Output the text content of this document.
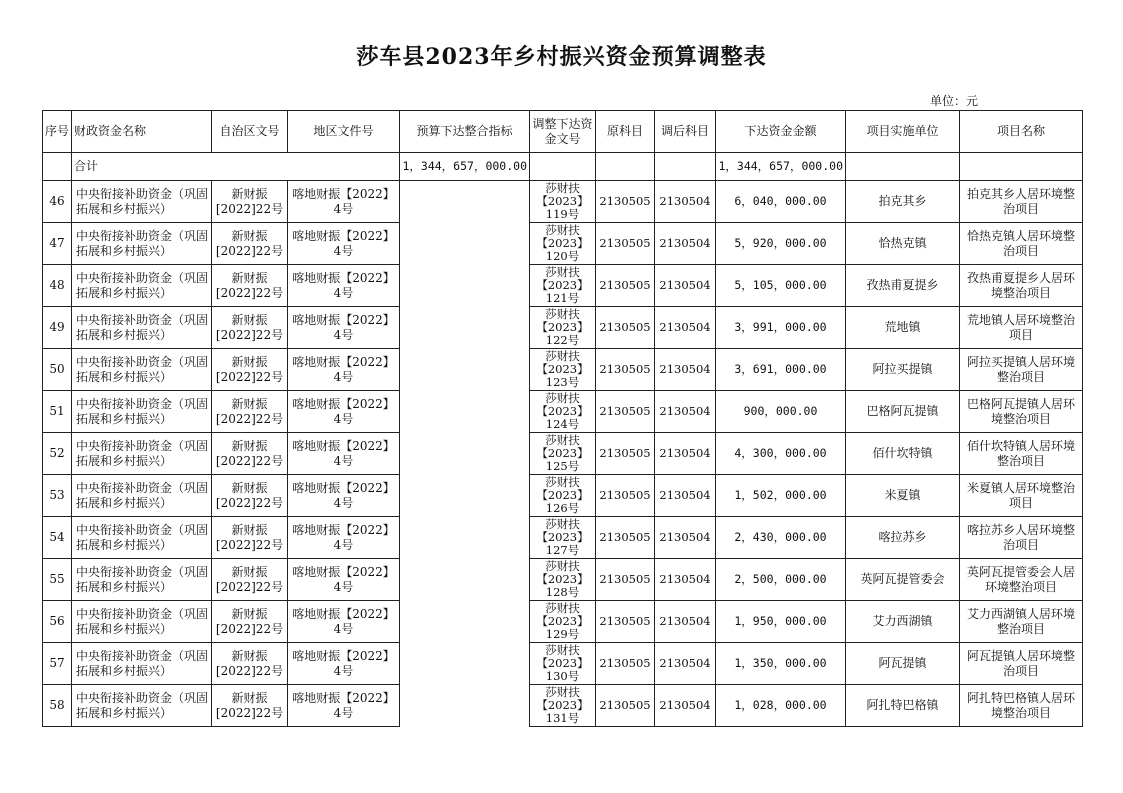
莎车县2023年乡村振兴资金预算调整表
单位：元
序号	财政资金名称	自治区文号	地区文件号	预算下达整合指标	调整下达资金文号	原科目	调后科目	下达资金金额	项目实施单位	项目名称
	合计			1，344，657，000.00				1，344，657，000.00		
46	中央衔接补助资金（巩固拓展和乡村振兴）	新财振[2022]22号	喀地财振【2022】4号		莎财扶【2023】119号	2130505	2130504	6，040，000.00	拍克其乡	拍克其乡人居环境整治项目
47	中央衔接补助资金（巩固拓展和乡村振兴）	新财振[2022]22号	喀地财振【2022】4号		莎财扶【2023】120号	2130505	2130504	5，920，000.00	恰热克镇	恰热克镇人居环境整治项目
48	中央衔接补助资金（巩固拓展和乡村振兴）	新财振[2022]22号	喀地财振【2022】4号		莎财扶【2023】121号	2130505	2130504	5，105，000.00	孜热甫夏提乡	孜热甫夏提乡人居环境整治项目
49	中央衔接补助资金（巩固拓展和乡村振兴）	新财振[2022]22号	喀地财振【2022】4号		莎财扶【2023】122号	2130505	2130504	3，991，000.00	荒地镇	荒地镇人居环境整治项目
50	中央衔接补助资金（巩固拓展和乡村振兴）	新财振[2022]22号	喀地财振【2022】4号		莎财扶【2023】123号	2130505	2130504	3，691，000.00	阿拉买提镇	阿拉买提镇人居环境整治项目
51	中央衔接补助资金（巩固拓展和乡村振兴）	新财振[2022]22号	喀地财振【2022】4号		莎财扶【2023】124号	2130505	2130504	900，000.00	巴格阿瓦提镇	巴格阿瓦提镇人居环境整治项目
52	中央衔接补助资金（巩固拓展和乡村振兴）	新财振[2022]22号	喀地财振【2022】4号		莎财扶【2023】125号	2130505	2130504	4，300，000.00	佰什坎特镇	佰什坎特镇人居环境整治项目
53	中央衔接补助资金（巩固拓展和乡村振兴）	新财振[2022]22号	喀地财振【2022】4号		莎财扶【2023】126号	2130505	2130504	1，502，000.00	米夏镇	米夏镇人居环境整治项目
54	中央衔接补助资金（巩固拓展和乡村振兴）	新财振[2022]22号	喀地财振【2022】4号		莎财扶【2023】127号	2130505	2130504	2，430，000.00	喀拉苏乡	喀拉苏乡人居环境整治项目
55	中央衔接补助资金（巩固拓展和乡村振兴）	新财振[2022]22号	喀地财振【2022】4号		莎财扶【2023】128号	2130505	2130504	2，500，000.00	英阿瓦提管委会	英阿瓦提管委会人居环境整治项目
56	中央衔接补助资金（巩固拓展和乡村振兴）	新财振[2022]22号	喀地财振【2022】4号		莎财扶【2023】129号	2130505	2130504	1，950，000.00	艾力西湖镇	艾力西湖镇人居环境整治项目
57	中央衔接补助资金（巩固拓展和乡村振兴）	新财振[2022]22号	喀地财振【2022】4号		莎财扶【2023】130号	2130505	2130504	1，350，000.00	阿瓦提镇	阿瓦提镇人居环境整治项目
58	中央衔接补助资金（巩固拓展和乡村振兴）	新财振[2022]22号	喀地财振【2022】4号		莎财扶【2023】131号	2130505	2130504	1，028，000.00	阿扎特巴格镇	阿扎特巴格镇人居环境整治项目
